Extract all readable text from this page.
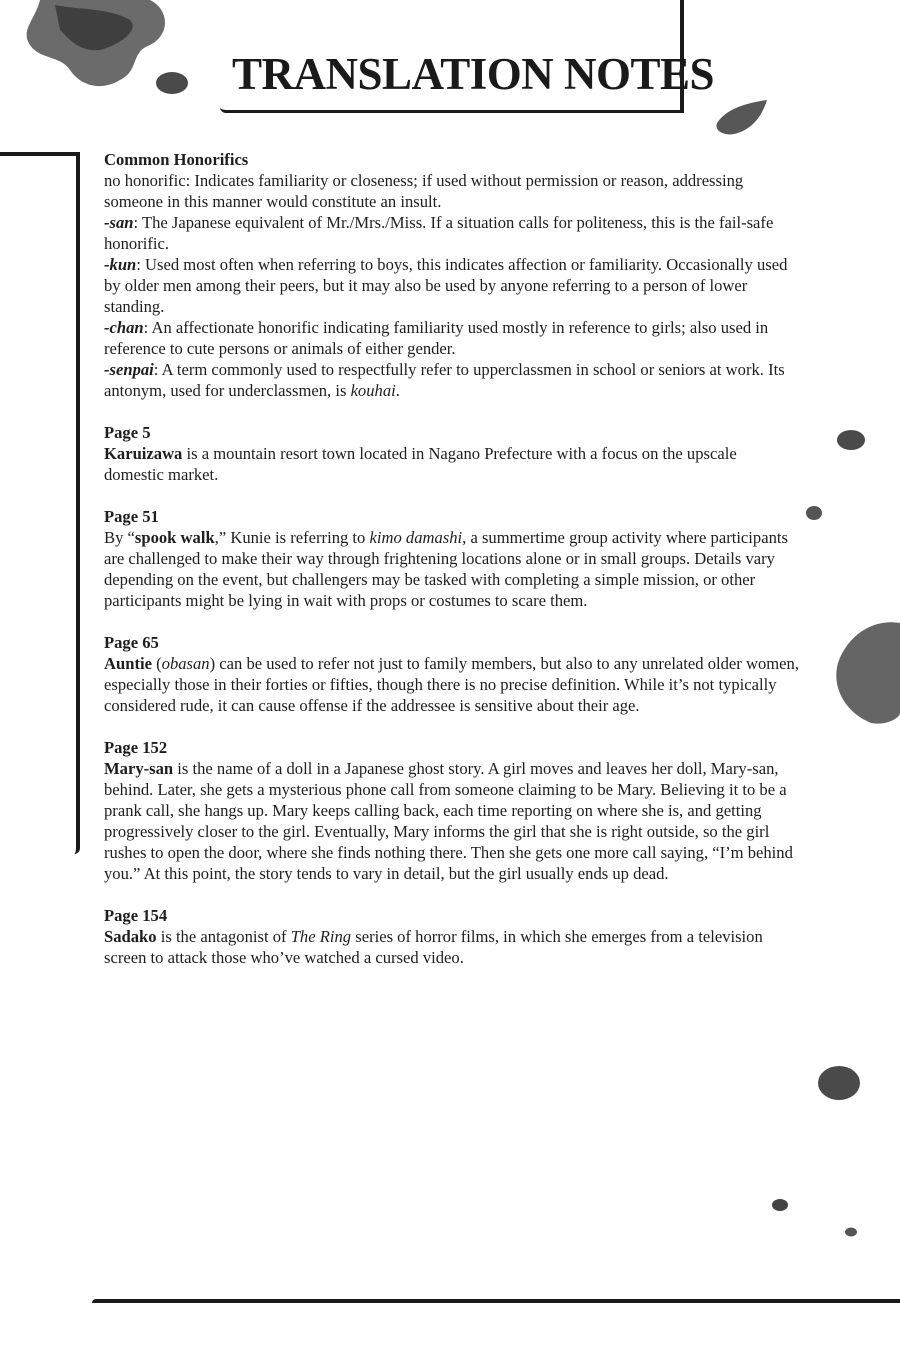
TRANSLATION NOTES
Common Honorifics

no honorific: Indicates familiarity or closeness; if used without permission or reason, addressing someone in this manner would constitute an insult.

-san: The Japanese equivalent of Mr./Mrs./Miss. If a situation calls for politeness, this is the fail-safe honorific.

-kun: Used most often when referring to boys, this indicates affection or familiarity. Occasionally used by older men among their peers, but it may also be used by anyone referring to a person of lower standing.

-chan: An affectionate honorific indicating familiarity used mostly in reference to girls; also used in reference to cute persons or animals of either gender.

-senpai: A term commonly used to respectfully refer to upperclassmen in school or seniors at work. Its antonym, used for underclassmen, is kouhai.

Page 5

Karuizawa is a mountain resort town located in Nagano Prefecture with a focus on the upscale domestic market.

Page 51

By “spook walk,” Kunie is referring to kimo damashi, a summertime group activity where participants are challenged to make their way through frightening locations alone or in small groups. Details vary depending on the event, but challengers may be tasked with completing a simple mission, or other participants might be lying in wait with props or costumes to scare them.

Page 65

Auntie (obasan) can be used to refer not just to family members, but also to any unrelated older women, especially those in their forties or fifties, though there is no precise definition. While it’s not typically considered rude, it can cause offense if the addressee is sensitive about their age.

Page 152

Mary-san is the name of a doll in a Japanese ghost story. A girl moves and leaves her doll, Mary-san, behind. Later, she gets a mysterious phone call from someone claiming to be Mary. Believing it to be a prank call, she hangs up. Mary keeps calling back, each time reporting on where she is, and getting progressively closer to the girl. Eventually, Mary informs the girl that she is right outside, so the girl rushes to open the door, where she finds nothing there. Then she gets one more call saying, “I’m behind you.” At this point, the story tends to vary in detail, but the girl usually ends up dead.

Page 154

Sadako is the antagonist of The Ring series of horror films, in which she emerges from a television screen to attack those who’ve watched a cursed video.
